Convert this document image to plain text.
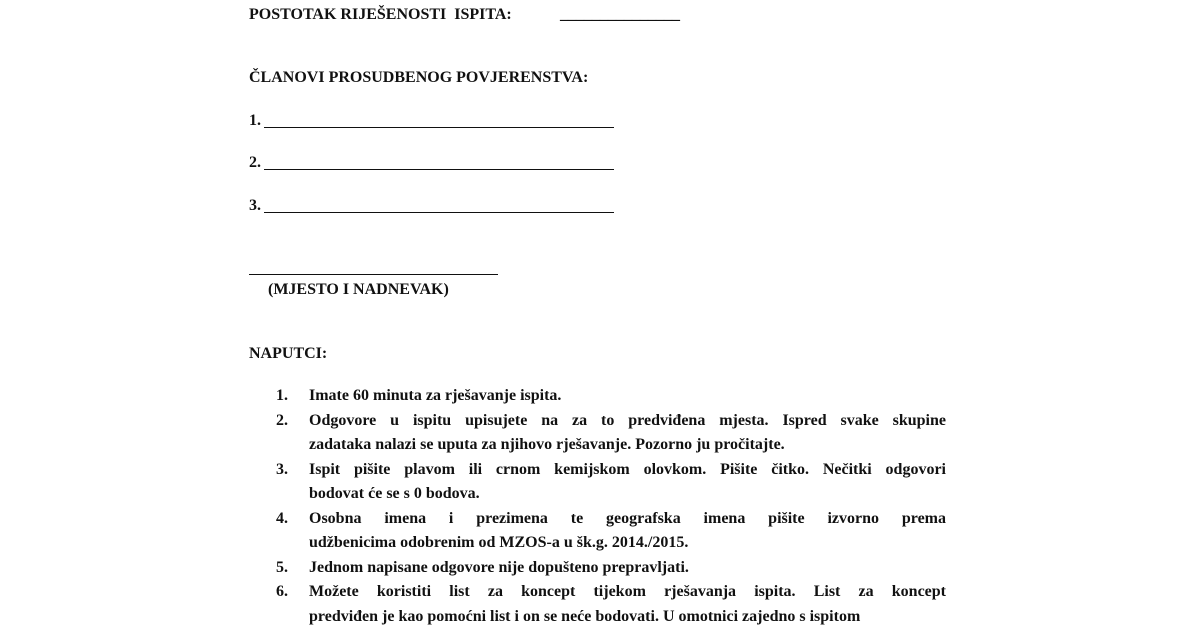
POSTOTAK RIJEŠENOSTI  ISPITA:	_______________
ČLANOVI PROSUDBENOG POVJERENSTVA:
1.
2.
3.
(MJESTO I NADNEVAK)
NAPUTCI:
1. Imate 60 minuta za rješavanje ispita.
2. Odgovore u ispitu upisujete na za to predviđena mjesta. Ispred svake skupine
zadataka nalazi se uputa za njihovo rješavanje. Pozorno ju pročitajte.
3. Ispit pišite plavom ili crnom kemijskom olovkom. Pišite čitko. Nečitki odgovori
bodovat će se s 0 bodova.
4. Osobna imena i prezimena te geografska imena pišite izvorno prema
udžbenicima odobrenim od MZOS-a u šk.g. 2014./2015.
5. Jednom napisane odgovore nije dopušteno prepravljati.
6. Možete koristiti list za koncept tijekom rješavanja ispita. List za koncept
predviđen je kao pomoćni list i on se neće bodovati. U omotnici zajedno s ispitom
